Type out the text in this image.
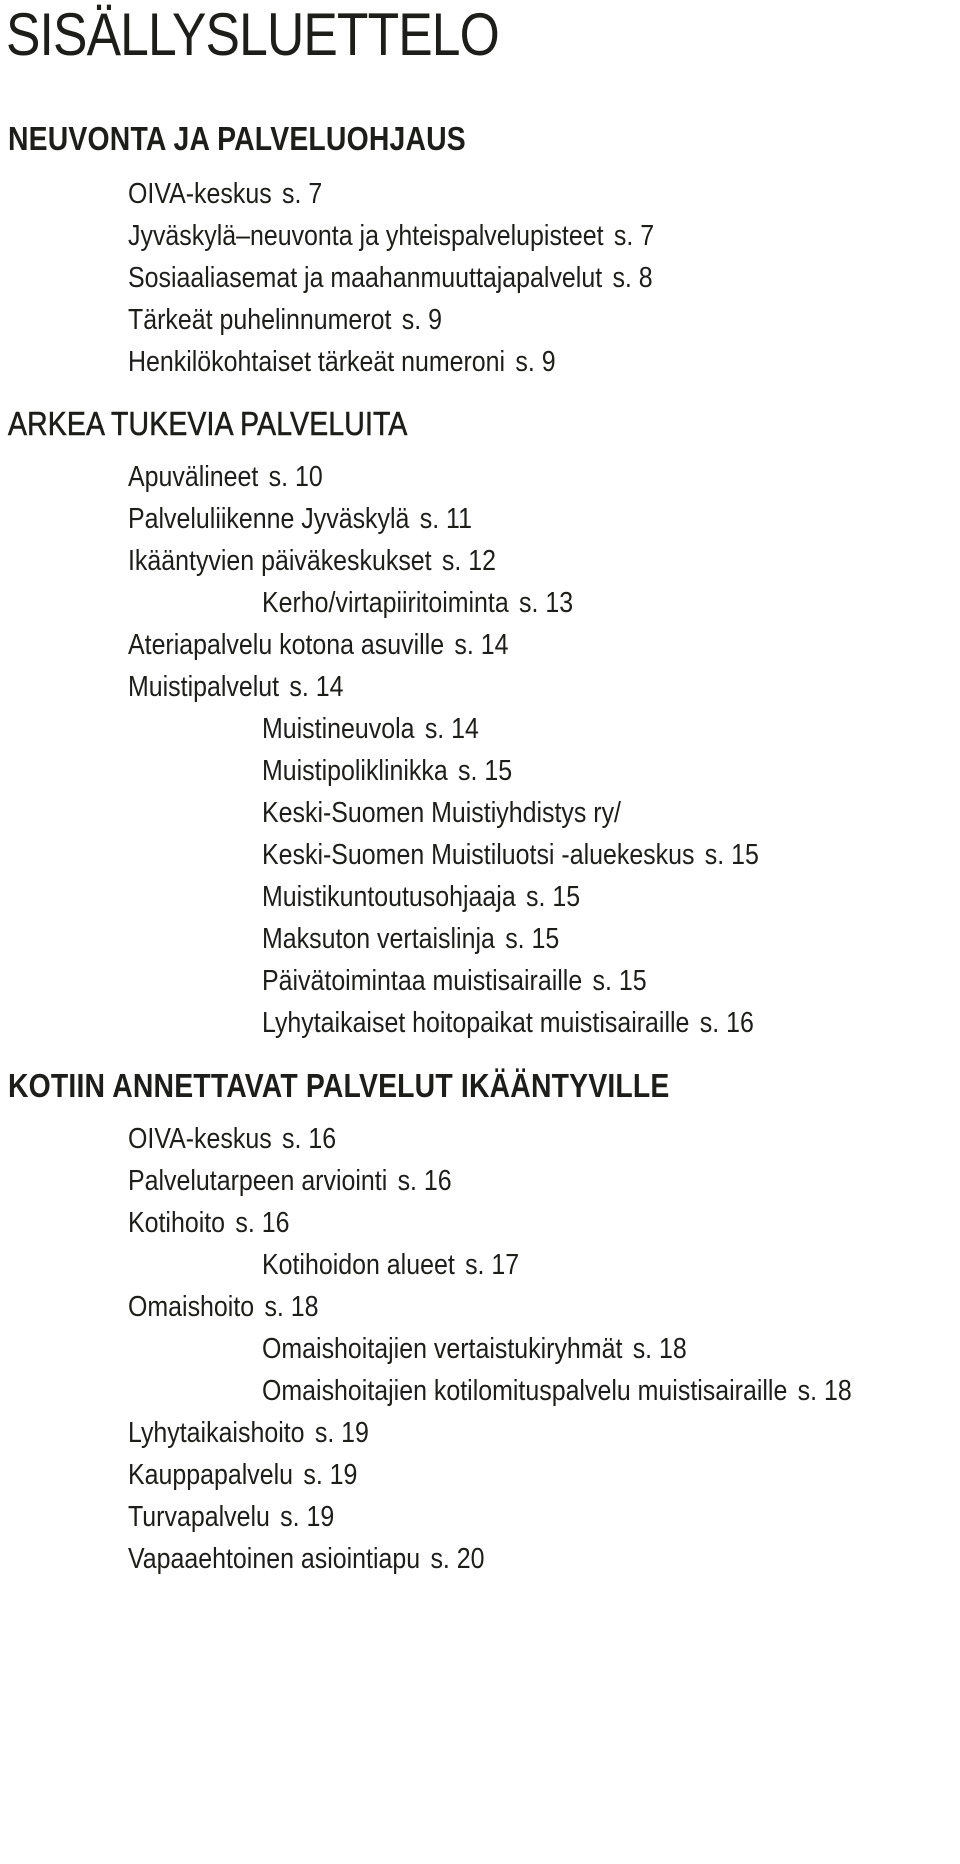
SISÄLLYSLUETTELO
NEUVONTA JA PALVELUOHJAUS
OIVA-keskus s. 7
Jyväskylä–neuvonta ja yhteispalvelupisteet s. 7
Sosiaaliasemat ja maahanmuuttajapalvelut s. 8
Tärkeät puhelinnumerot s. 9
Henkilökohtaiset tärkeät numeroni s. 9
ARKEA TUKEVIA PALVELUITA
Apuvälineet s. 10
Palveluliikenne Jyväskylä s. 11
Ikääntyvien päiväkeskukset s. 12
Kerho/virtapiiritoiminta s. 13
Ateriapalvelu kotona asuville s. 14
Muistipalvelut s. 14
Muistineuvola s. 14
Muistipoliklinikka s. 15
Keski-Suomen Muistiyhdistys ry/
Keski-Suomen Muistiluotsi -aluekeskus s. 15
Muistikuntoutusohjaaja s. 15
Maksuton vertaislinja s. 15
Päivätoimintaa muistisairaille s. 15
Lyhytaikaiset hoitopaikat muistisairaille s. 16
KOTIIN ANNETTAVAT PALVELUT IKÄÄNTYVILLE
OIVA-keskus s. 16
Palvelutarpeen arviointi s. 16
Kotihoito s. 16
Kotihoidon alueet s. 17
Omaishoito s. 18
Omaishoitajien vertaistukiryhmät s. 18
Omaishoitajien kotilomituspalvelu muistisairaille s. 18
Lyhytaikaishoito s. 19
Kauppapalvelu s. 19
Turvapalvelu s. 19
Vapaaehtoinen asiointiapu s. 20
